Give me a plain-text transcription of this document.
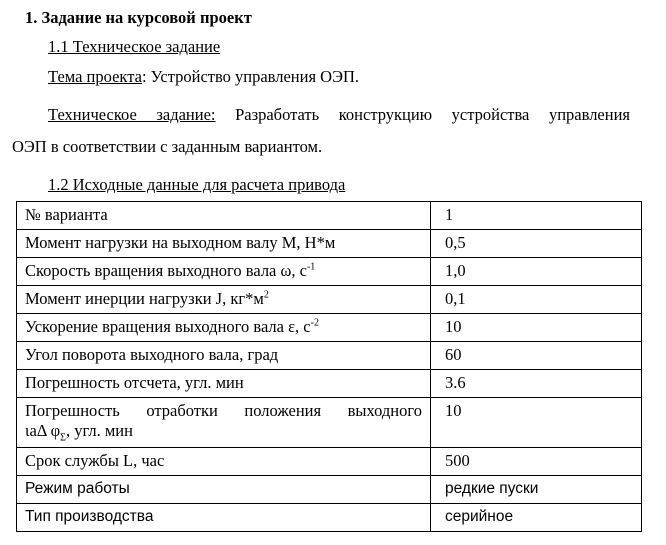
1. Задание на курсовой проект
1.1 Техническое задание
Тема проекта: Устройство управления ОЭП.
Техническое задание: Разработать конструкцию устройства управления
ОЭП в соответствии с заданным вариантом.
1.2 Исходные данные для расчета привода
№ варианта	1
Момент нагрузки на выходном валу М, Н*м	0,5
Скорость вращения выходного вала ω, $с^{-1}$	1,0
Момент инерции нагрузки J, $кг*м^2$	0,1
Ускорение вращения выходного вала ε, $с^{-2}$	10
Угол поворота выходного вала, град	60
Погрешность отсчета, угл. мин	3.6

Погрешность отработки положения выходного
ιаΔ $\varphi_\Sigma$, угл. мин	10
Срок службы L, час	500
Режим работы	редкие пуски
Тип производства	серийное
